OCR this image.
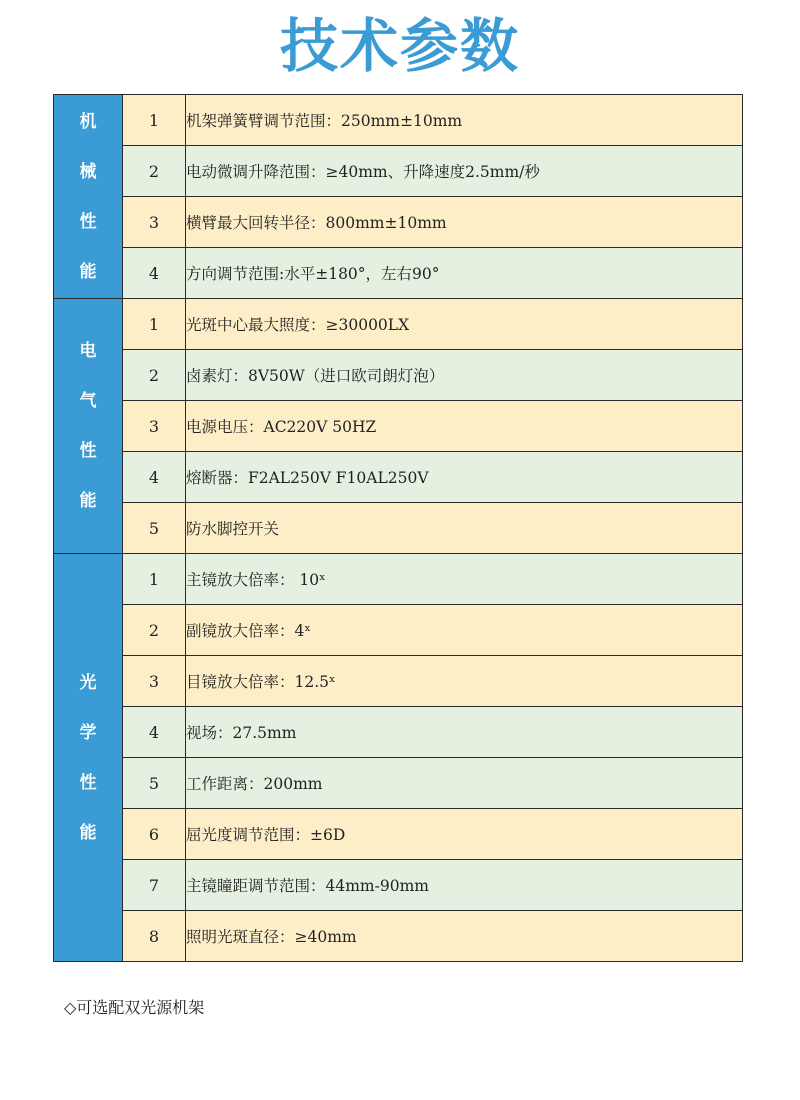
技术参数
机
械
性
能	1	机架弹簧臂调节范围：250mm±10mm
	2	电动微调升降范围：≥40mm、升降速度2.5mm/秒
	3	横臂最大回转半径：800mm±10mm
	4	方向调节范围:水平±180°，左右90°

电
气
性
能	1	光斑中心最大照度：≥30000LX
	2	卤素灯：8V50W（进口欧司朗灯泡）
	3	电源电压：AC220V 50HZ
	4	熔断器：F2AL250V F10AL250V
	5	防水脚控开关

光
学
性
能	1	主镜放大倍率： 10ˣ
	2	副镜放大倍率：4ˣ
	3	目镜放大倍率：12.5ˣ
	4	视场：27.5mm
	5	工作距离：200mm
	6	屈光度调节范围：±6D
	7	主镜瞳距调节范围：44mm-90mm
	8	照明光斑直径：≥40mm
◇可选配双光源机架
